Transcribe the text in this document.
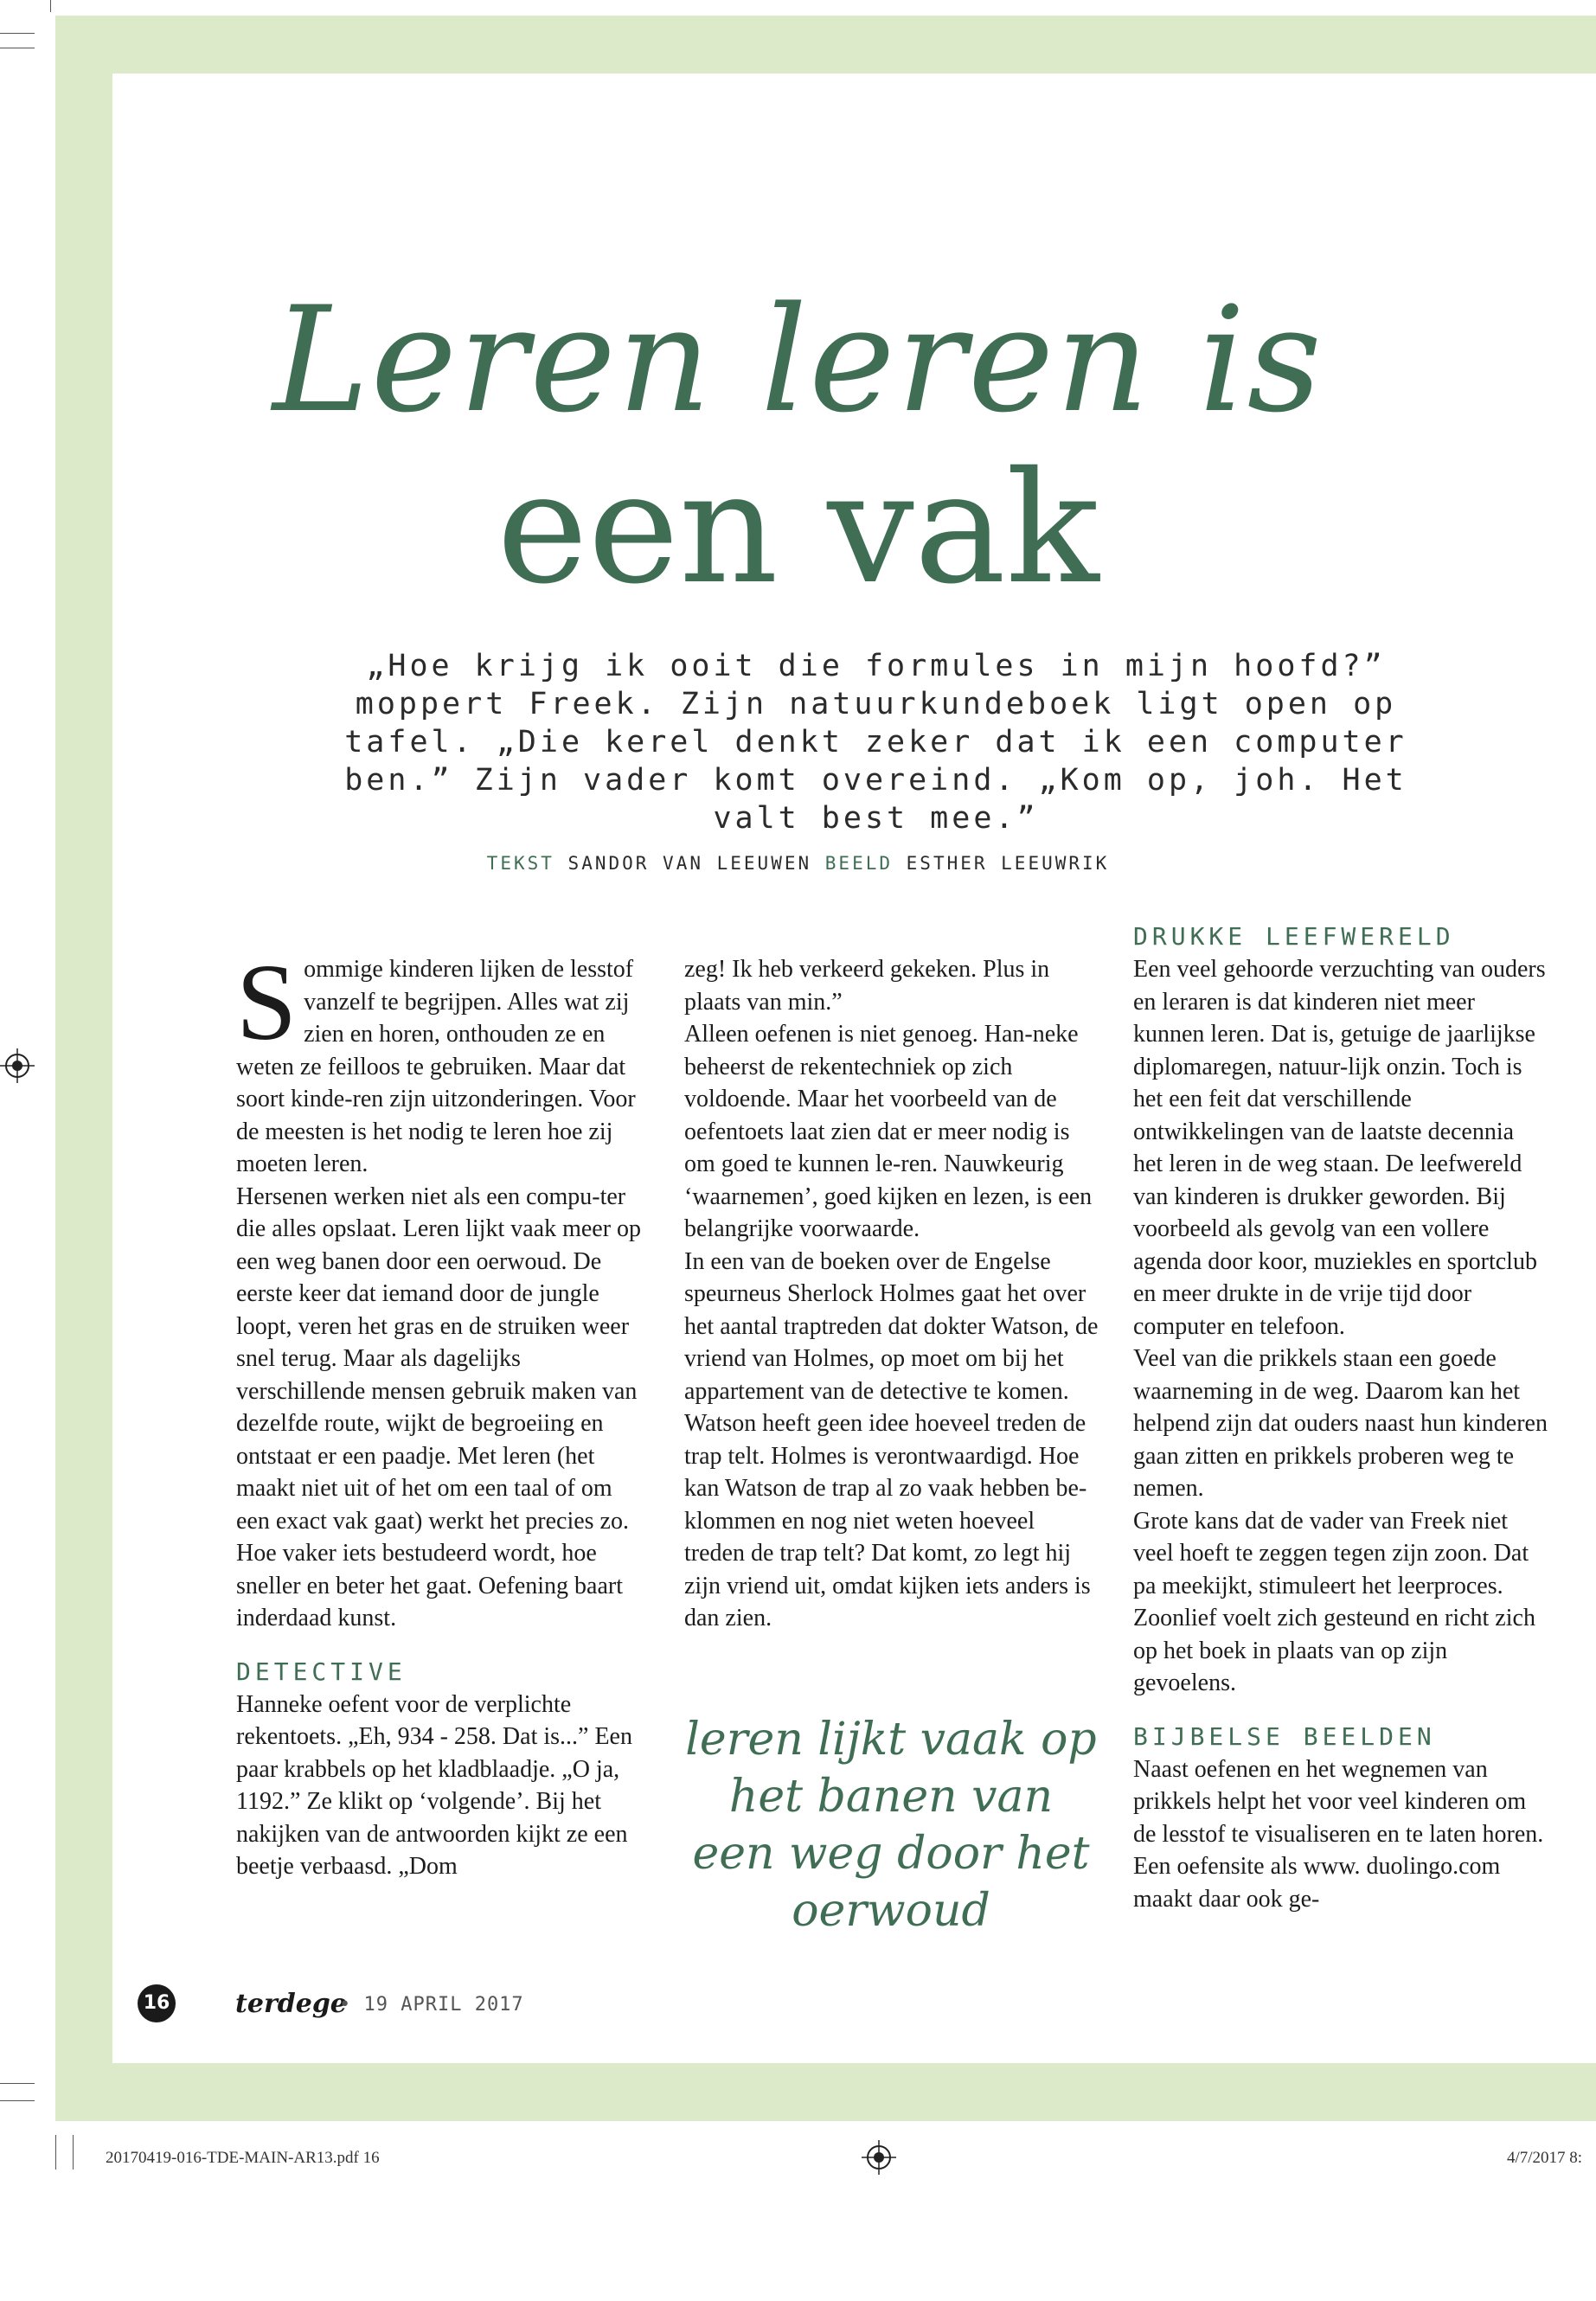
Leren leren is
een vak

„Hoe krijg ik ooit die formules in mijn hoofd?” moppert Freek. Zijn natuurkundeboek ligt open op tafel. „Die kerel denkt zeker dat ik een computer ben.” Zijn vader komt overeind. „Kom op, joh. Het valt best mee.”

TEKST SANDOR VAN LEEUWEN BEELD ESTHER LEEUWRIK

Sommige kinderen lijken de lesstof vanzelf te begrijpen. Alles wat zij zien en horen, onthouden ze en weten ze feilloos te gebruiken. Maar dat soort kinde-ren zijn uitzonderingen. Voor de meesten is het nodig te leren hoe zij moeten leren.

Hersenen werken niet als een compu-ter die alles opslaat. Leren lijkt vaak meer op een weg banen door een oerwoud. De eerste keer dat iemand door de jungle loopt, veren het gras en de struiken weer snel terug. Maar als dagelijks verschillende mensen gebruik maken van dezelfde route, wijkt de begroeiing en ontstaat er een paadje. Met leren (het maakt niet uit of het om een taal of om een exact vak gaat) werkt het precies zo. Hoe vaker iets bestudeerd wordt, hoe sneller en beter het gaat. Oefening baart inderdaad kunst.

DETECTIVE

Hanneke oefent voor de verplichte rekentoets. „Eh, 934 - 258. Dat is...” Een paar krabbels op het kladblaadje. „O ja, 1192.” Ze klikt op ‘volgende’. Bij het nakijken van de antwoorden kijkt ze een beetje verbaasd. „Dom

zeg! Ik heb verkeerd gekeken. Plus in plaats van min.”

Alleen oefenen is niet genoeg. Han-neke beheerst de rekentechniek op zich voldoende. Maar het voorbeeld van de oefentoets laat zien dat er meer nodig is om goed te kunnen le-ren. Nauwkeurig ‘waarnemen’, goed kijken en lezen, is een belangrijke voorwaarde.

In een van de boeken over de Engelse speurneus Sherlock Holmes gaat het over het aantal traptreden dat dokter Watson, de vriend van Holmes, op moet om bij het appartement van de detective te komen. Watson heeft geen idee hoeveel treden de trap telt. Holmes is verontwaardigd. Hoe kan Watson de trap al zo vaak hebben be-klommen en nog niet weten hoeveel treden de trap telt? Dat komt, zo legt hij zijn vriend uit, omdat kijken iets anders is dan zien.

leren lijkt vaak op het banen van een weg door het oerwoud

DRUKKE LEEFWERELD

Een veel gehoorde verzuchting van ouders en leraren is dat kinderen niet meer kunnen leren. Dat is, getuige de jaarlijkse diplomaregen, natuur-lijk onzin. Toch is het een feit dat verschillende ontwikkelingen van de laatste decennia het leren in de weg staan. De leefwereld van kinderen is drukker geworden. Bij voorbeeld als gevolg van een vollere agenda door koor, muziekles en sportclub en meer drukte in de vrije tijd door computer en telefoon.

Veel van die prikkels staan een goede waarneming in de weg. Daarom kan het helpend zijn dat ouders naast hun kinderen gaan zitten en prikkels proberen weg te nemen.

Grote kans dat de vader van Freek niet veel hoeft te zeggen tegen zijn zoon. Dat pa meekijkt, stimuleert het leerproces. Zoonlief voelt zich gesteund en richt zich op het boek in plaats van op zijn gevoelens.

BIJBELSE BEELDEN

Naast oefenen en het wegnemen van prikkels helpt het voor veel kinderen om de lesstof te visualiseren en te laten horen. Een oefensite als www. duolingo.com maakt daar ook ge-

16	terdege
• 19 APRIL 2017
20170419-016-TDE-MAIN-AR13.pdf 16	4/7/2017 8:
